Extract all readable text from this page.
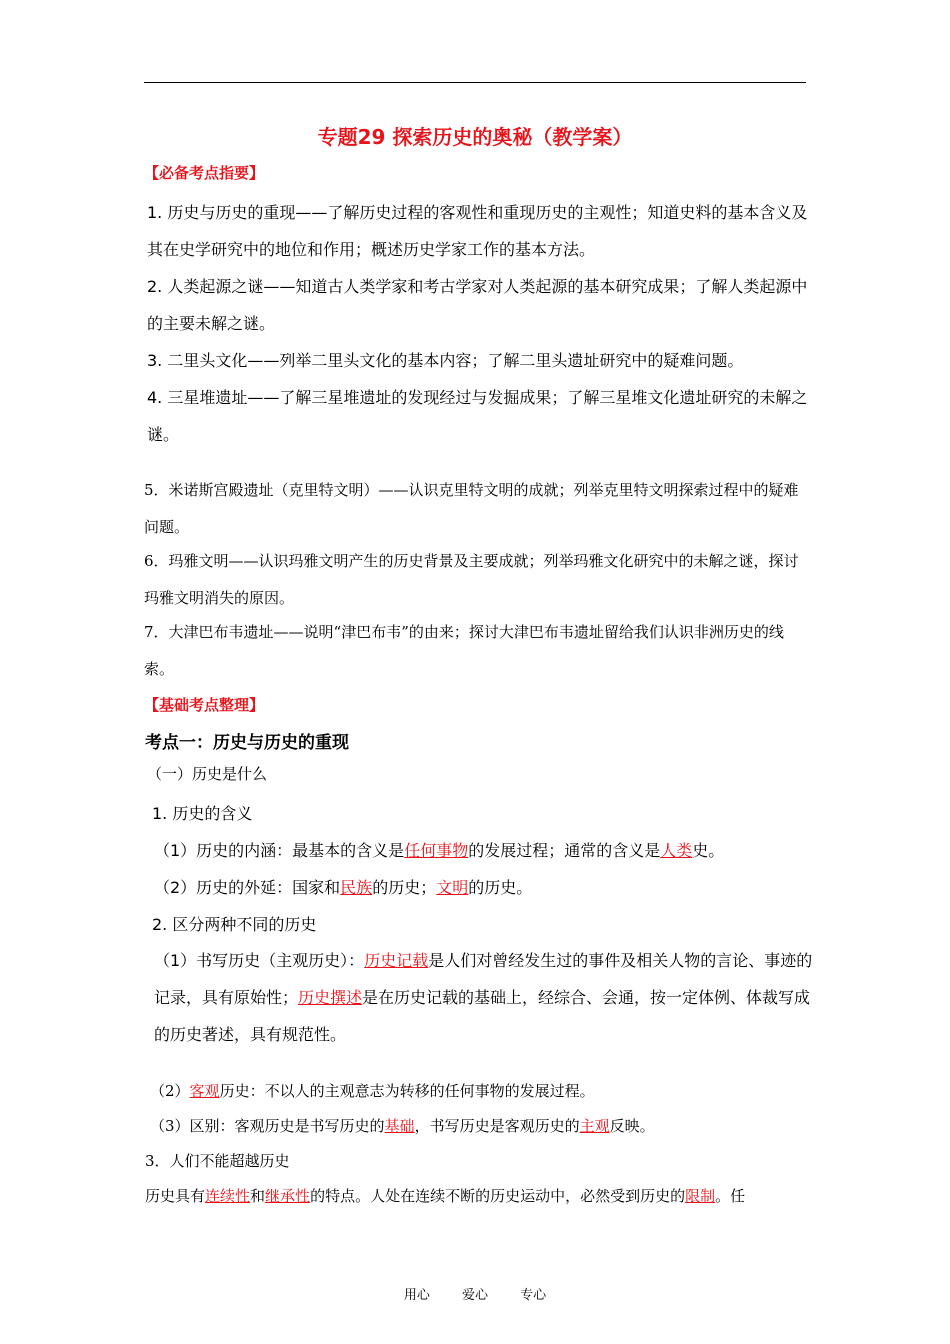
专题29 探索历史的奥秘（教学案）
【必备考点指要】
1. 历史与历史的重现——了解历史过程的客观性和重现历史的主观性；知道史料的基本含义及其在史学研究中的地位和作用；概述历史学家工作的基本方法。
2. 人类起源之谜——知道古人类学家和考古学家对人类起源的基本研究成果；了解人类起源中的主要未解之谜。
3. 二里头文化——列举二里头文化的基本内容；了解二里头遗址研究中的疑难问题。
4. 三星堆遗址——了解三星堆遗址的发现经过与发掘成果；了解三星堆文化遗址研究的未解之谜。
5．米诺斯宫殿遗址（克里特文明）——认识克里特文明的成就；列举克里特文明探索过程中的疑难问题。
6．玛雅文明——认识玛雅文明产生的历史背景及主要成就；列举玛雅文化研究中的未解之谜，探讨玛雅文明消失的原因。
7．大津巴布韦遗址——说明“津巴布韦”的由来；探讨大津巴布韦遗址留给我们认识非洲历史的线索。
【基础考点整理】
考点一：历史与历史的重现
（一）历史是什么
1. 历史的含义
（1）历史的内涵：最基本的含义是任何事物的发展过程；通常的含义是人类史。
（2）历史的外延：国家和民族的历史；文明的历史。
2. 区分两种不同的历史
（1）书写历史（主观历史）：历史记载是人们对曾经发生过的事件及相关人物的言论、事迹的记录，具有原始性；历史撰述是在历史记载的基础上，经综合、会通，按一定体例、体裁写成的历史著述，具有规范性。
（2）客观历史：不以人的主观意志为转移的任何事物的发展过程。
（3）区别：客观历史是书写历史的基础，书写历史是客观历史的主观反映。
3．人们不能超越历史
历史具有连续性和继承性的特点。人处在连续不断的历史运动中，必然受到历史的限制。任
用心 爱心 专心
